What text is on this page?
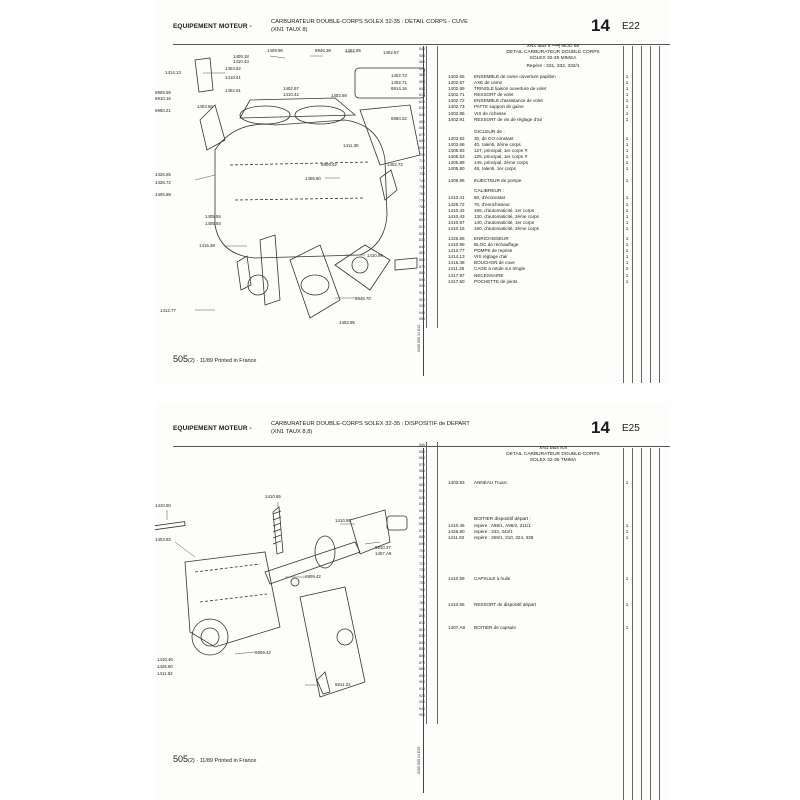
EQUIPEMENT MOTEUR -
CARBURATEUR DOUBLE-CORPS SOLEX 32-35 : DETAIL CORPS - CUVE
(XN1 TAUX 8)	14 E22
1409.96	8946.38	1402.65	1402.67
1409.18
1410.43
1403.62
1410.41
1402.91	1402.97
1410.42
1402.73
1402.69
1402.71
1414.13
6909.59
6910.16
6950.21
1403.66
8914.16
6950.22
1411.35
6909.42	1402.72
1426.65
1426.72
1405.80
1405.89
1405.55
1405.93
1416.38
1410.99
8946.70
1412.77
1402.85
540
550
560
570
580
590
600
610
620
630
640
650
660
670
680
690
700
710
720
730
740
750
760
770
780
790
800
810
820
830
840
850
860
870
880
890
900
910
920
930
940
950
0165 505 14 E22
XN1 taux 8 ⟶| MOD 86
DETAIL CARBURATEUR DOUBLE CORPS
SOLEX 32-35 MIMSA
Repère : 331, 332, 332/1
1402.65 ENSEMBLE de came ouverture papillon	1
1402.67 AXE de came	1
1402.69 TRINGLE liaison ouverture de volet	1
1402.71 RESSORT de volet	1
1402.72 ENSEMBLE d'assistance de volet	1
1402.73 PATTE support de gaine	1
1402.85 VIS de richesse	1
1402.91 RESSORT de vis de réglage d'air	1
GICLEUR de :
1403.62 30, de CO constant	1
1403.66 40, ralenti, 2ème corps	1
1405.93 127, principal, 1er corps ✕	1
1405.53 125, principal, 1er corps ✕	1
1405.89 145, principal, 2ème corps	1
1405.80 48, ralenti, 1er corps	1
1409.96 INJECTEUR de pompe	1
CALIBREUR :
1410.41 80, d'éconostat	1
1426.72 70, d'enrichisseur	1
1410.42 165, d'automaticité, 1er corps	1
1410.43 130, d'automaticité, 2ème corps	1
1410.97 140, d'automaticité, 1er corps	1
1410.16 160, d'automaticité, 2ème corps	1
1426.65 ENRICHISSEUR	1
1410.99 BLOC de réchauffage	1
1412.77 POMPE de reprise	1
1414.13 VIS réglage d'air	1
1416.38 BOUCHON de cuve	1
1411.35 CAGE à rotule sur tringle	2
1417.97 NECESSAIRE	1
1417.50 POCHETTE de joints	1
505(2) · 11/89 Printed in France
EQUIPEMENT MOTEUR -
CARBURATEUR DOUBLE-CORPS SOLEX 32-35 : DISPOSITIF de DEPART
(XN1 TAUX 8,8)	14 E25
1410.50
1410.65
1410.59
1403.83
6910.37
1407.A9
6909.42
6909.42
1410.46
1426.80
1411.92
6911.22
540
550
560
570
580
590
600
610
620
630
640
650
660
670
680
690
700
710
720
730
740
750
760
770
780
790
800
810
820
830
840
850
860
870
880
890
900
910
920
930
940
950
0165 505 14 E25
XN1 taux 8,8
DETAIL CARBURATEUR DOUBLE-CORPS
SOLEX 32-35 TMIMA
1403.83 ANNEAU Truarc	1
BOITIER dispositif départ :
1410.46 repère : A98/1, A98/2, 211/1	1
1426.80 repère : 343, 343/1	1
1411.92 repère : 269/1, 310, 324, 338	1
1410.59 CAPSULE à huile	1
1410.65 RESSORT de dispositif départ	1
1407.A9 BOITIER de capsule	1
505(2) · 11/89 Printed in France
